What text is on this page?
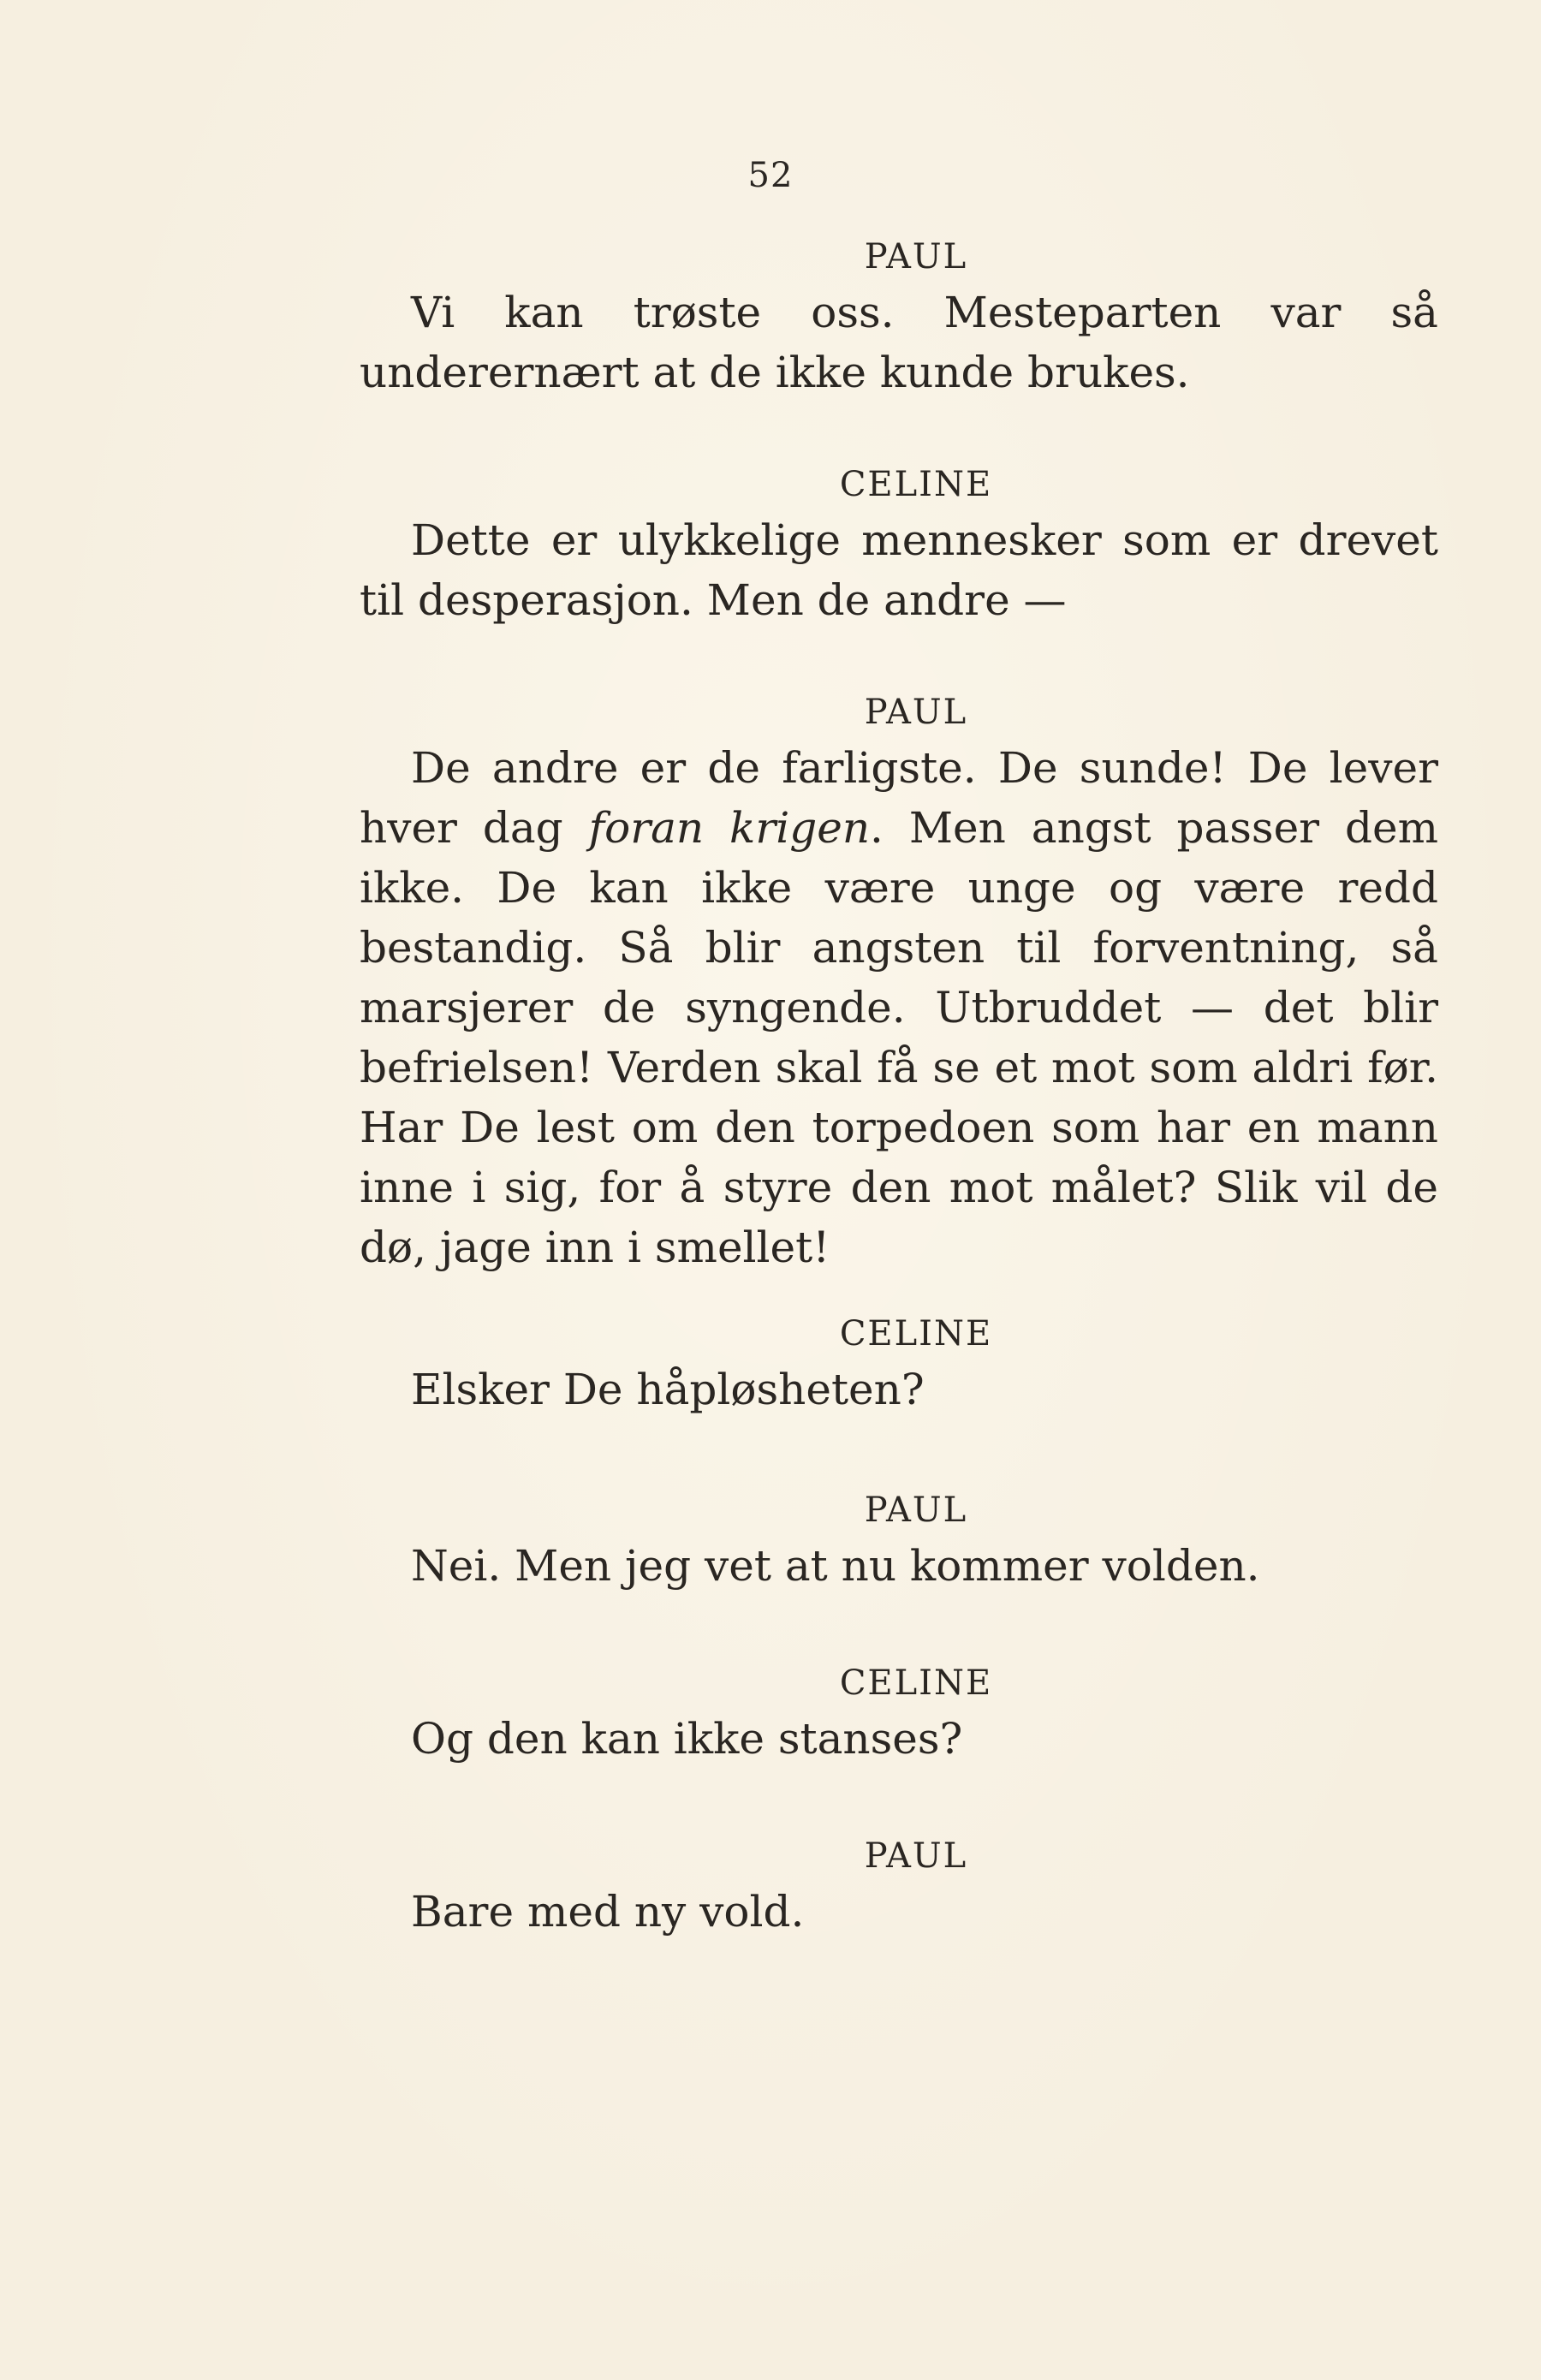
52
PAUL

Vi kan trøste oss. Mesteparten var så underernært at de ikke kunde brukes.

CELINE

Dette er ulykkelige mennesker som er drevet til desperasjon. Men de andre —

PAUL

De andre er de farligste. De sunde! De lever hver dag foran krigen. Men angst passer dem ikke. De kan ikke være unge og være redd bestandig. Så blir angsten til forventning, så marsjerer de syngende. Utbruddet — det blir befrielsen! Verden skal få se et mot som aldri før. Har De lest om den torpedoen som har en mann inne i sig, for å styre den mot målet? Slik vil de dø, jage inn i smellet!

CELINE

Elsker De håpløsheten?

PAUL

Nei. Men jeg vet at nu kommer volden.

CELINE

Og den kan ikke stanses?

PAUL

Bare med ny vold.
